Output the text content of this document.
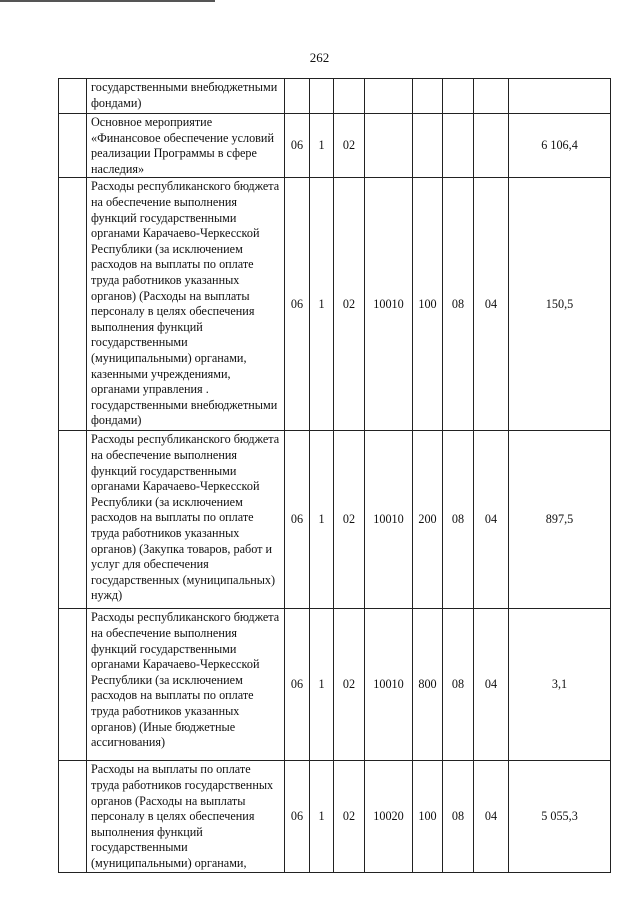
262
	государственными внебюджетными фондами)								
	Основное мероприятие «Финансовое обеспечение условий реализации Программы в сфере наследия»	06	1	02					6 106,4
	Расходы республиканского бюджета на обеспечение выполнения функций государственными органами Карачаево-Черкесской Республики (за исключением расходов на выплаты по оплате труда работников указанных органов) (Расходы на выплаты персоналу в целях обеспечения выполнения функций государственными (муниципальными) органами, казенными учреждениями, органами управления . государственными внебюджетными фондами)	06	1	02	10010	100	08	04	150,5
	Расходы республиканского бюджета на обеспечение выполнения функций государственными органами Карачаево-Черкесской Республики (за исключением расходов на выплаты по оплате труда работников указанных органов) (Закупка товаров, работ и услуг для обеспечения государственных (муниципальных) нужд)	06	1	02	10010	200	08	04	897,5
	Расходы республиканского бюджета на обеспечение выполнения функций государственными органами Карачаево-Черкесской Республики (за исключением расходов на выплаты по оплате труда работников указанных органов) (Иные бюджетные ассигнования)	06	1	02	10010	800	08	04	3,1
	Расходы на выплаты по оплате труда работников государственных органов (Расходы на выплаты персоналу в целях обеспечения выполнения функций государственными (муниципальными) органами,	06	1	02	10020	100	08	04	5 055,3
